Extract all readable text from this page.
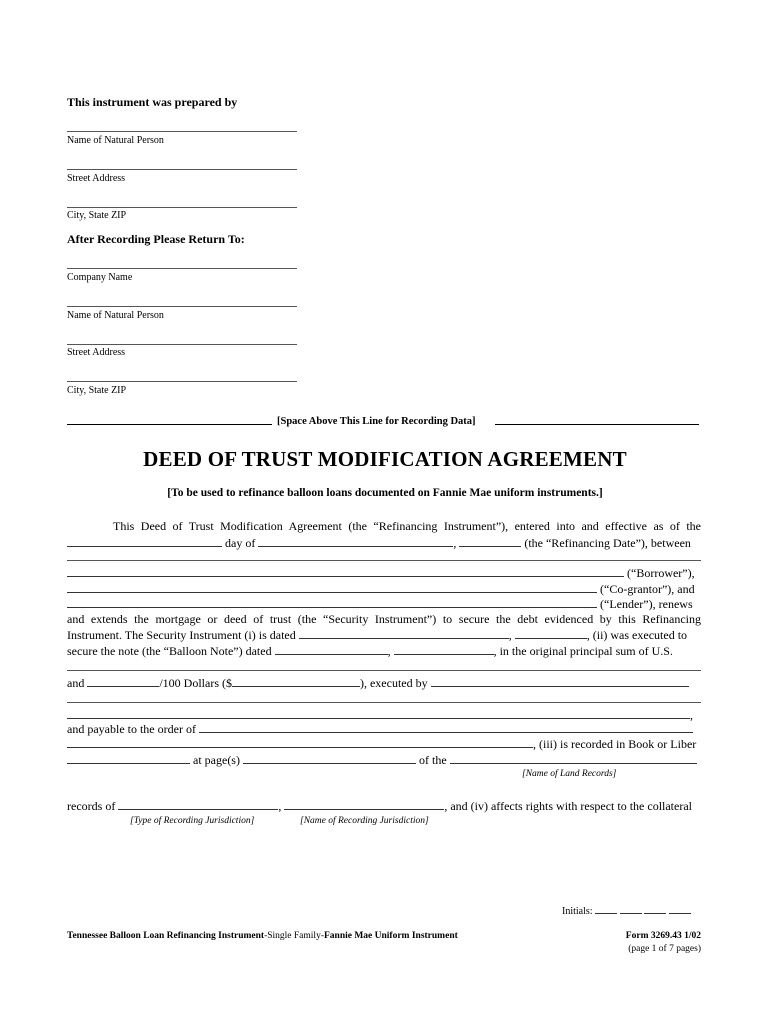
This instrument was prepared by
Name of Natural Person
Street Address
City, State ZIP
After Recording Please Return To:
Company Name
Name of Natural Person
Street Address
City, State ZIP
[Space Above This Line for Recording Data]
DEED OF TRUST MODIFICATION AGREEMENT
[To be used to refinance balloon loans documented on Fannie Mae uniform instruments.]
This Deed of Trust Modification Agreement (the “Refinancing Instrument”), entered into and effective as of the
day of	,	(the “Refinancing Date”), between
(“Borrower”),
(“Co-grantor”), and
(“Lender”), renews
and extends the mortgage or deed of trust (the “Security Instrument”) to secure the debt evidenced by this Refinancing
Instrument. The Security Instrument (i) is dated	,	, (ii) was executed to
secure the note (the “Balloon Note”) dated	,	, in the original principal sum of U.S.
and	/100 Dollars ($	), executed by
,
and payable to the order of
, (iii) is recorded in Book or Liber
at page(s)	of the
[Name of Land Records]
records of	,	, and (iv) affects rights with respect to the collateral
[Type of Recording Jurisdiction]	[Name of Recording Jurisdiction]
Initials:
Tennessee Balloon Loan Refinancing Instrument-Single Family-Fannie Mae Uniform Instrument	Form 3269.43 1/02
(page 1 of 7 pages)
